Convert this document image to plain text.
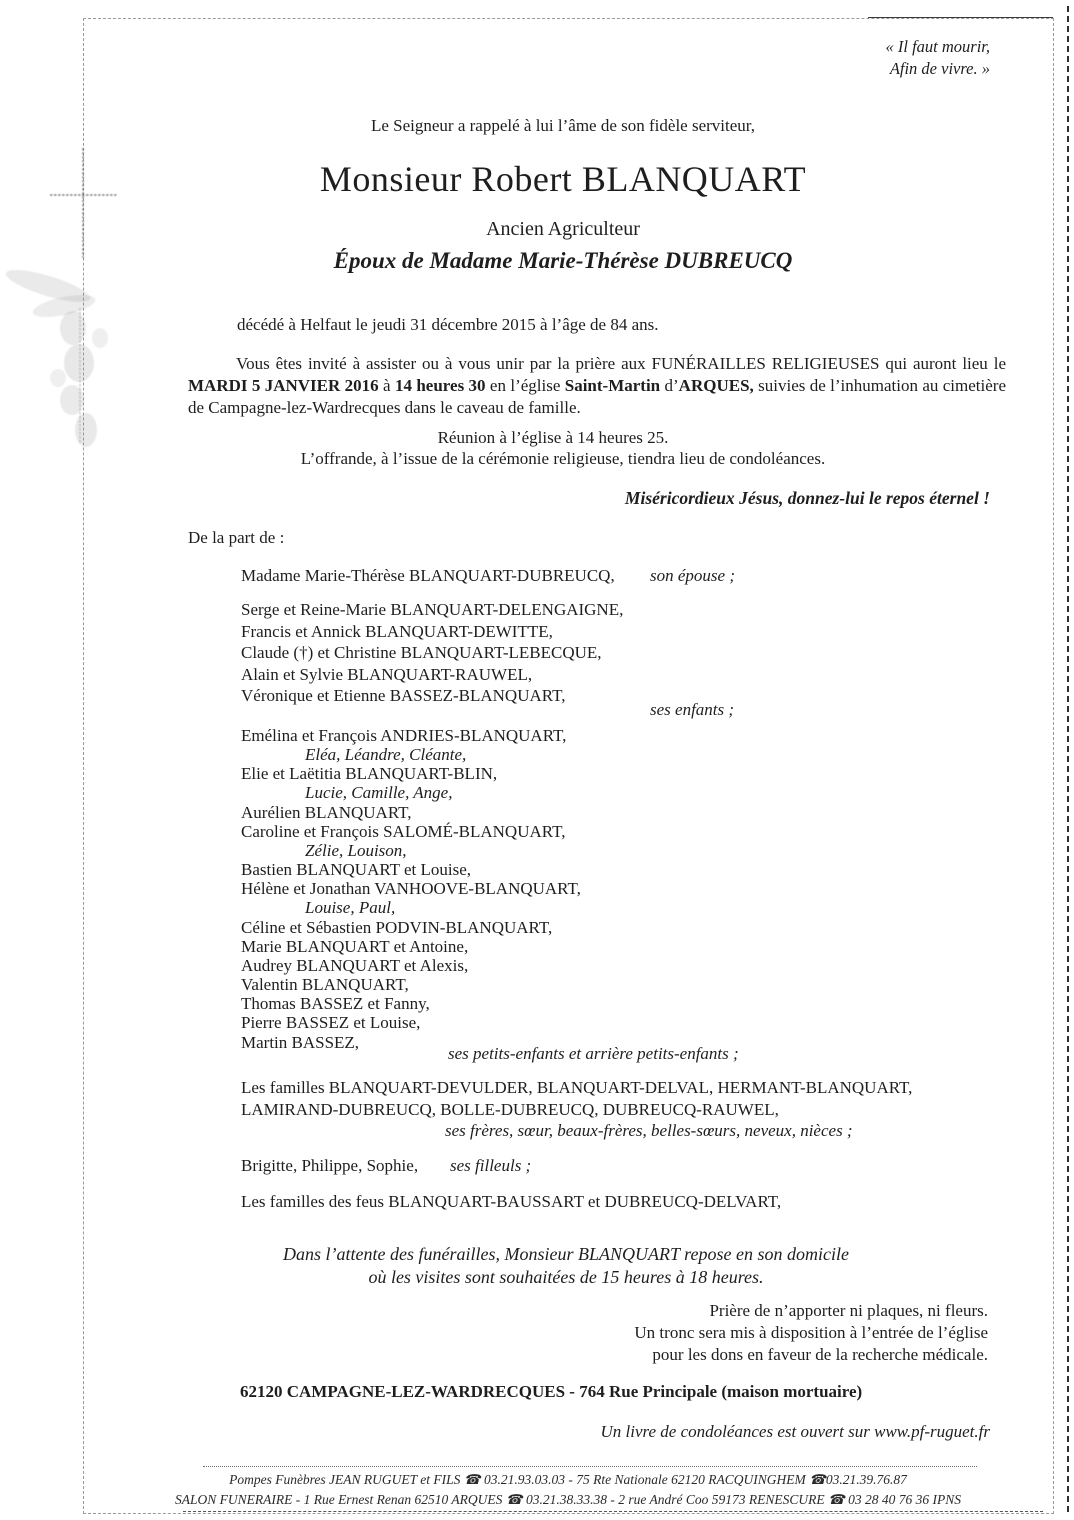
« Il faut mourir,
Afin de vivre. »
Le Seigneur a rappelé à lui l’âme de son fidèle serviteur,
Monsieur Robert BLANQUART
Ancien Agriculteur
Époux de Madame Marie-Thérèse DUBREUCQ
décédé à Helfaut le jeudi 31 décembre 2015 à l’âge de 84 ans.

Vous êtes invité à assister ou à vous unir par la prière aux FUNÉRAILLES RELIGIEUSES qui auront lieu le MARDI 5 JANVIER 2016 à 14 heures 30 en l’église Saint-Martin d’ARQUES, suivies de l’inhumation au cimetière de Campagne-lez-Wardrecques dans le caveau de famille.

Réunion à l’église à 14 heures 25.
L’offrande, à l’issue de la cérémonie religieuse, tiendra lieu de condoléances.
Miséricordieux Jésus, donnez-lui le repos éternel !
De la part de :
Madame Marie-Thérèse BLANQUART-DUBREUCQ, son épouse ;
Serge et Reine-Marie BLANQUART-DELENGAIGNE,
Francis et Annick BLANQUART-DEWITTE,
Claude (†) et Christine BLANQUART-LEBECQUE,
Alain et Sylvie BLANQUART-RAUWEL,
Véronique et Etienne BASSEZ-BLANQUART,
ses enfants ;
Emélina et François ANDRIES-BLANQUART,
Eléa, Léandre, Cléante,
Elie et Laëtitia BLANQUART-BLIN,
Lucie, Camille, Ange,
Aurélien BLANQUART,
Caroline et François SALOMÉ-BLANQUART,
Zélie, Louison,
Bastien BLANQUART et Louise,
Hélène et Jonathan VANHOOVE-BLANQUART,
Louise, Paul,
Céline et Sébastien PODVIN-BLANQUART,
Marie BLANQUART et Antoine,
Audrey BLANQUART et Alexis,
Valentin BLANQUART,
Thomas BASSEZ et Fanny,
Pierre BASSEZ et Louise,
Martin BASSEZ,
ses petits-enfants et arrière petits-enfants ;
Les familles BLANQUART-DEVULDER, BLANQUART-DELVAL, HERMANT-BLANQUART,
LAMIRAND-DUBREUCQ, BOLLE-DUBREUCQ, DUBREUCQ-RAUWEL,
ses frères, sœur, beaux-frères, belles-sœurs, neveux, nièces ;
Brigitte, Philippe, Sophie, ses filleuls ;
Les familles des feus BLANQUART-BAUSSART et DUBREUCQ-DELVART,
Dans l’attente des funérailles, Monsieur BLANQUART repose en son domicile
où les visites sont souhaitées de 15 heures à 18 heures.
Prière de n’apporter ni plaques, ni fleurs.
Un tronc sera mis à disposition à l’entrée de l’église
pour les dons en faveur de la recherche médicale.
62120 CAMPAGNE-LEZ-WARDRECQUES - 764 Rue Principale (maison mortuaire)
Un livre de condoléances est ouvert sur www.pf-ruguet.fr
Pompes Funèbres JEAN RUGUET et FILS ☎ 03.21.93.03.03 - 75 Rte Nationale 62120 RACQUINGHEM ☎03.21.39.76.87
SALON FUNERAIRE - 1 Rue Ernest Renan 62510 ARQUES ☎ 03.21.38.33.38 - 2 rue André Coo 59173 RENESCURE ☎ 03 28 40 76 36 IPNS
